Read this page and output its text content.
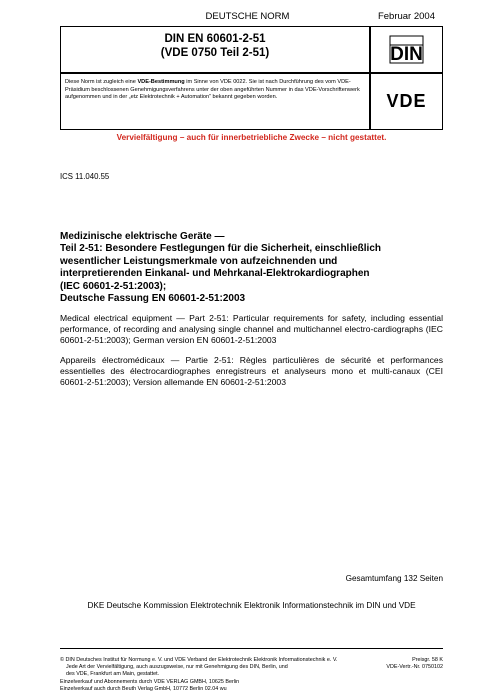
DEUTSCHE NORM	Februar 2004
DIN EN 60601-2-51
(VDE 0750 Teil 2-51)	DIN
Diese Norm ist zugleich eine VDE-Bestimmung im Sinne von VDE 0022. Sie ist nach Durchführung des vom VDE-Präsidium beschlossenen Genehmigungsverfahrens unter der oben angeführten Nummer in das VDE-Vorschriftenwerk aufgenommen und in der „etz Elektrotechnik + Automation“ bekannt gegeben worden.	VDE
Vervielfältigung – auch für innerbetriebliche Zwecke – nicht gestattet.
ICS 11.040.55
Medizinische elektrische Geräte —
Teil 2-51: Besondere Festlegungen für die Sicherheit, einschließlich
wesentlicher Leistungsmerkmale von aufzeichnenden und
interpretierenden Einkanal- und Mehrkanal-Elektrokardiographen
(IEC 60601-2-51:2003);
Deutsche Fassung EN 60601-2-51:2003
Medical electrical equipment — Part 2-51: Particular requirements for safety, including essential performance, of recording and analysing single channel and multichannel electro-cardiographs (IEC 60601-2-51:2003); German version EN 60601-2-51:2003
Appareils électromédicaux — Partie 2-51: Règles particulières de sécurité et performances essentielles des électrocardiographes enregistreurs et analyseurs mono et multi-canaux (CEI 60601-2-51:2003); Version allemande EN 60601-2-51:2003
Gesamtumfang 132 Seiten
DKE Deutsche Kommission Elektrotechnik Elektronik Informationstechnik im DIN und VDE
© DIN Deutsches Institut für Normung e. V. und VDE Verband der Elektrotechnik Elektronik Informationstechnik e. V.
Jede Art der Vervielfältigung, auch auszugsweise, nur mit Genehmigung des DIN, Berlin, und
des VDE, Frankfurt am Main, gestattet.
Einzelverkauf und Abonnements durch VDE VERLAG GMBH, 10625 Berlin
Einzelverkauf auch durch Beuth Verlag GmbH, 10772 Berlin 02.04 wu
Preisgr. 58 K
VDE-Vertr.-Nr. 0750102
